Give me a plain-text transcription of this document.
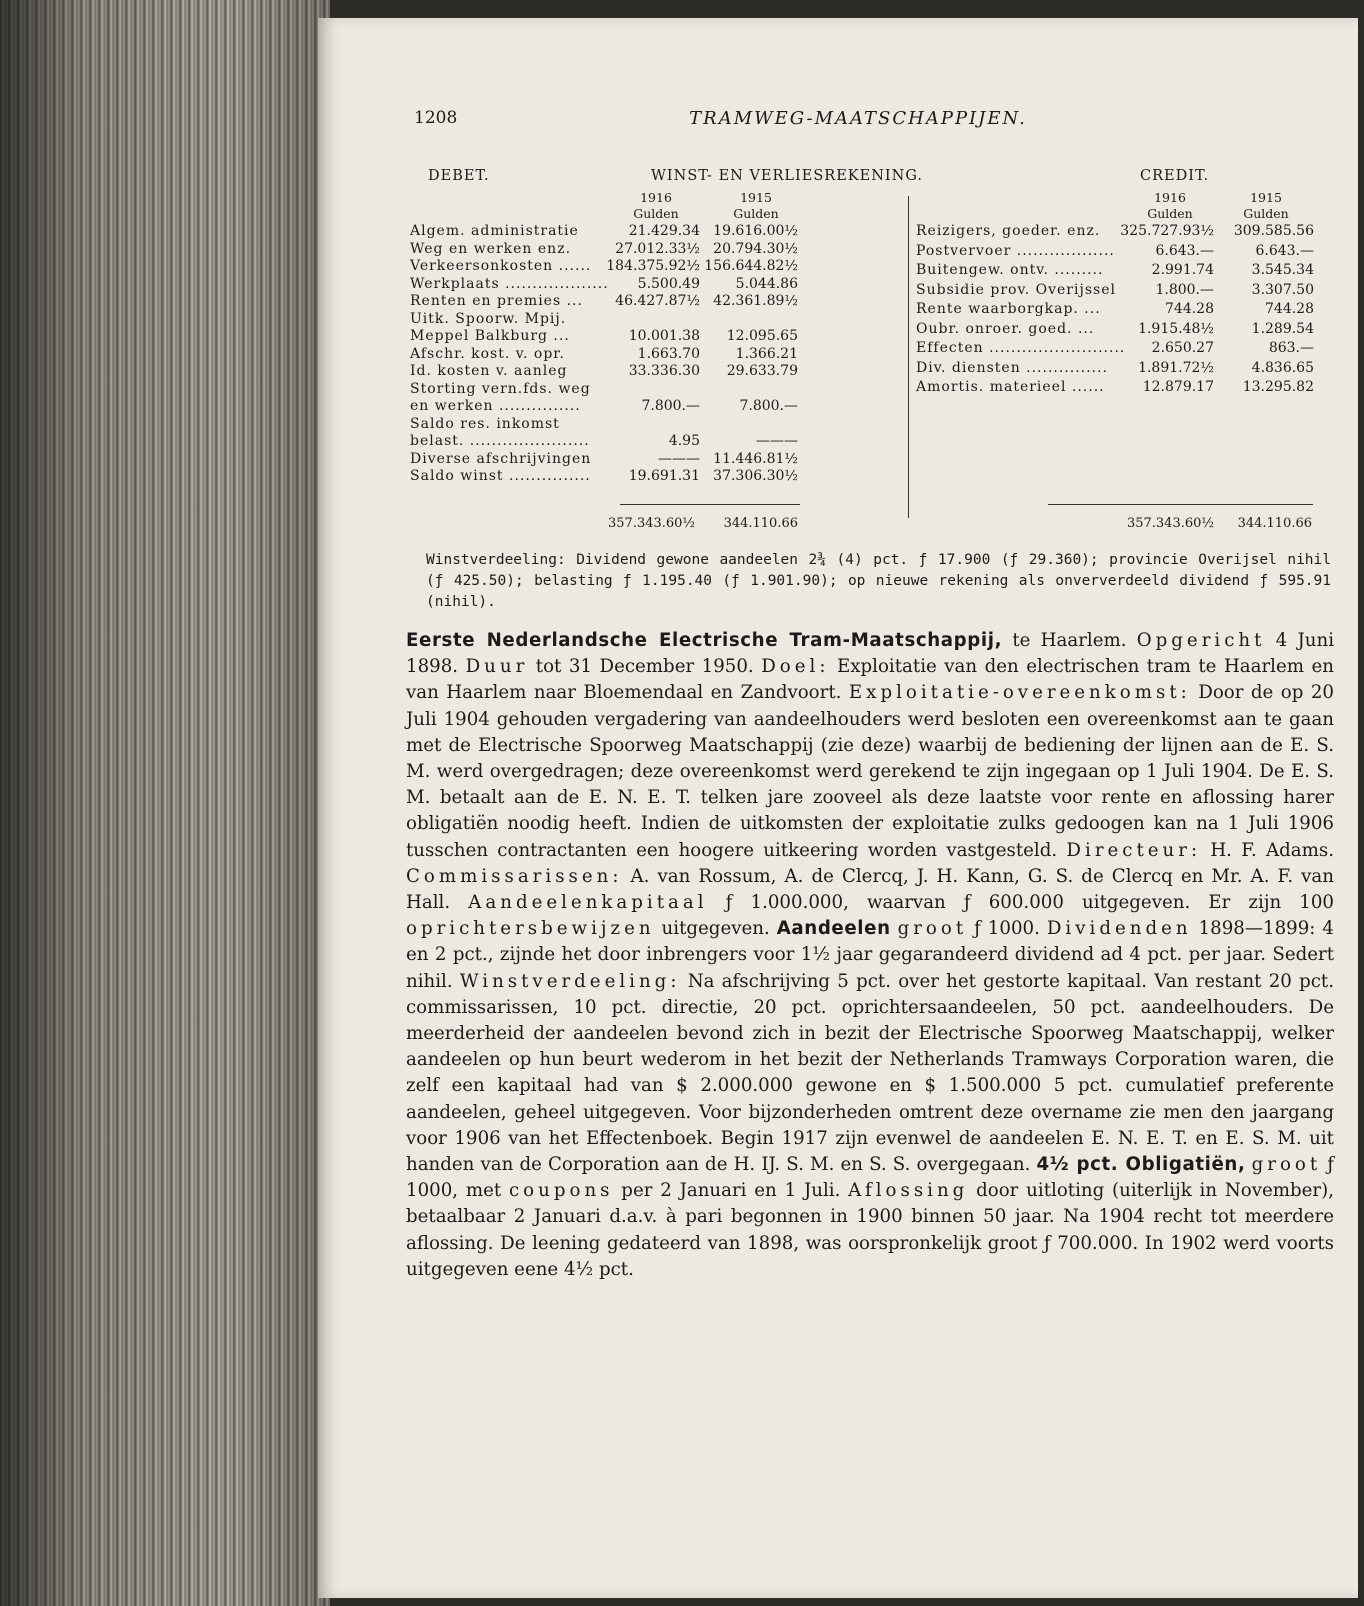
1208	TRAMWEG-MAATSCHAPPIJEN.
DEBET.	WINST- EN VERLIESREKENING.	CREDIT.
1916
Gulden
1915
Gulden
1916
Gulden
1915
Gulden
Algem. administratie	21.429.34 19.616.00½
Weg en werken enz.	27.012.33½ 20.794.30½
Verkeersonkosten ...... 184.375.92½ 156.644.82½
Werkplaats ...................	5.500.49	5.044.86
Renten en premies ...	46.427.87½ 42.361.89½
Uitk. Spoorw. Mpij.
Meppel Balkburg ...	10.001.38	12.095.65
Afschr. kost. v. opr.	1.663.70	1.366.21
Id. kosten v. aanleg	33.336.30	29.633.79
Storting vern.fds. weg
en werken ...............	7.800.—	7.800.—
Saldo res. inkomst
belast. ......................	4.95	———
Diverse afschrijvingen	——— 11.446.81½
Saldo winst ...............	19.691.31 37.306.30½
Reizigers, goeder. enz.	325.727.93½	309.585.56
Postvervoer ..................	6.643.—	6.643.—
Buitengew. ontv. .........	2.991.74	3.545.34
Subsidie prov. Overijssel	1.800.—	3.307.50
Rente waarborgkap. ...	744.28	744.28
Oubr. onroer. goed. ...	1.915.48½	1.289.54
Effecten .........................	2.650.27	863.—
Div. diensten ...............	1.891.72½	4.836.65
Amortis. materieel ......	12.879.17	13.295.82
357.343.60½	344.110.66	357.343.60½	344.110.66
Winstverdeeling: Dividend gewone aandeelen 2¾ (4) pct. ƒ 17.900 (ƒ 29.360); provincie Overijsel nihil (ƒ 425.50); belasting ƒ 1.195.40 (ƒ 1.901.90); op nieuwe rekening als onververdeeld dividend ƒ 595.91 (nihil).
Eerste Nederlandsche Electrische Tram-Maatschappij, te Haarlem. Opgericht 4 Juni 1898. Duur tot 31 December 1950. Doel: Exploitatie van den electrischen tram te Haarlem en van Haarlem naar Bloemendaal en Zandvoort. Exploitatie-overeenkomst: Door de op 20 Juli 1904 gehouden vergadering van aandeelhouders werd besloten een overeenkomst aan te gaan met de Electrische Spoorweg Maatschappij (zie deze) waarbij de bediening der lijnen aan de E. S. M. werd overgedragen; deze overeenkomst werd gerekend te zijn ingegaan op 1 Juli 1904. De E. S. M. betaalt aan de E. N. E. T. telken jare zooveel als deze laatste voor rente en aflossing harer obligatiën noodig heeft. Indien de uitkomsten der exploitatie zulks gedoogen kan na 1 Juli 1906 tusschen contractanten een hoogere uitkeering worden vastgesteld. Directeur: H. F. Adams. Commissarissen: A. van Rossum, A. de Clercq, J. H. Kann, G. S. de Clercq en Mr. A. F. van Hall. Aandeelenkapitaal ƒ 1.000.000, waarvan ƒ 600.000 uitgegeven. Er zijn 100 oprichtersbewijzen uitgegeven. Aandeelen groot ƒ 1000. Dividenden 1898—1899: 4 en 2 pct., zijnde het door inbrengers voor 1½ jaar gegarandeerd dividend ad 4 pct. per jaar. Sedert nihil. Winstverdeeling: Na afschrijving 5 pct. over het gestorte kapitaal. Van restant 20 pct. commissarissen, 10 pct. directie, 20 pct. oprichtersaandeelen, 50 pct. aandeelhouders. De meerderheid der aandeelen bevond zich in bezit der Electrische Spoorweg Maatschappij, welker aandeelen op hun beurt wederom in het bezit der Netherlands Tramways Corporation waren, die zelf een kapitaal had van $ 2.000.000 gewone en $ 1.500.000 5 pct. cumulatief preferente aandeelen, geheel uitgegeven. Voor bijzonderheden omtrent deze overname zie men den jaargang voor 1906 van het Effectenboek. Begin 1917 zijn evenwel de aandeelen E. N. E. T. en E. S. M. uit handen van de Corporation aan de H. IJ. S. M. en S. S. overgegaan. 4½ pct. Obligatiën, groot ƒ 1000, met coupons per 2 Januari en 1 Juli. Aflossing door uitloting (uiterlijk in November), betaalbaar 2 Januari d.a.v. à pari begonnen in 1900 binnen 50 jaar. Na 1904 recht tot meerdere aflossing. De leening gedateerd van 1898, was oorspronkelijk groot ƒ 700.000. In 1902 werd voorts uitgegeven eene 4½ pct.
